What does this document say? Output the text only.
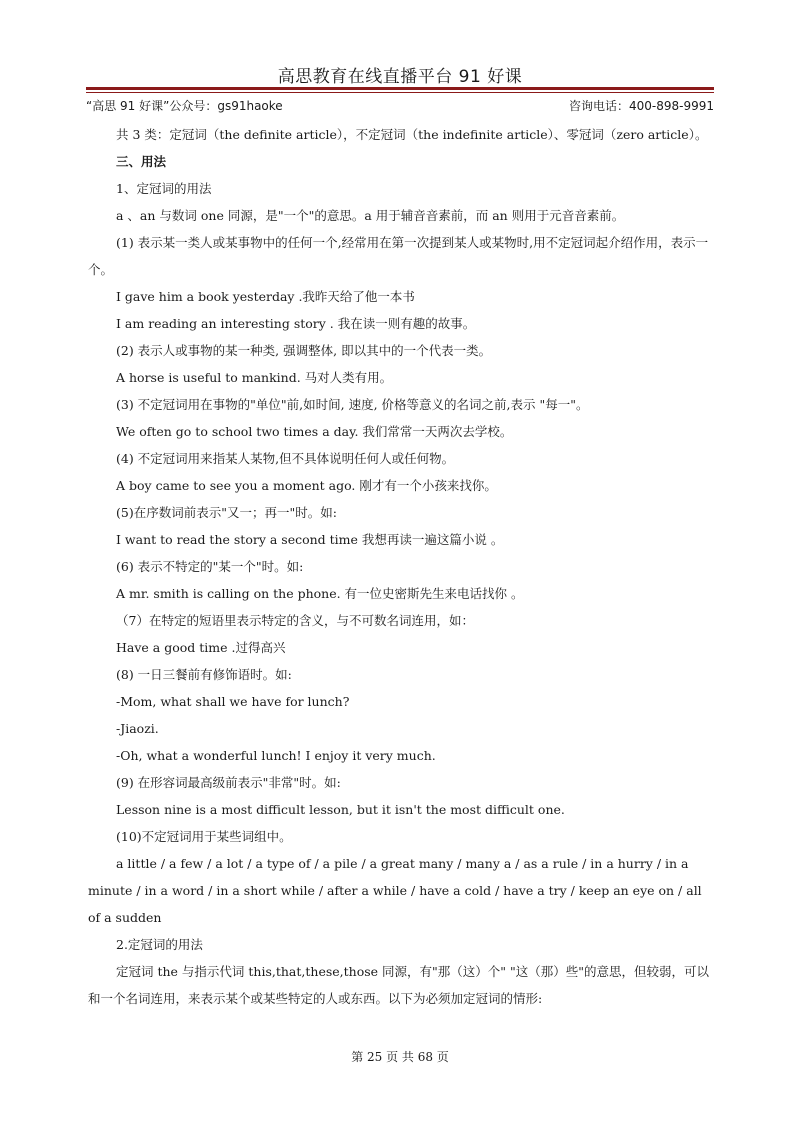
高思教育在线直播平台 91 好课
“高思 91 好课”公众号：gs91haoke	咨询电话：400-898-9991

共 3 类：定冠词（the definite article），不定冠词（the indefinite article）、零冠词（zero article）。

三、用法

1、定冠词的用法

a 、an 与数词 one 同源，是"一个"的意思。a 用于辅音音素前，而 an 则用于元音音素前。

(1) 表示某一类人或某事物中的任何一个,经常用在第一次提到某人或某物时,用不定冠词起介绍作用，表示一个。

I gave him a book yesterday .我昨天给了他一本书

I am reading an interesting story . 我在读一则有趣的故事。

(2) 表示人或事物的某一种类, 强调整体, 即以其中的一个代表一类。

A horse is useful to mankind. 马对人类有用。

(3) 不定冠词用在事物的"单位"前,如时间, 速度, 价格等意义的名词之前,表示 "每一"。

We often go to school two times a day. 我们常常一天两次去学校。

(4) 不定冠词用来指某人某物,但不具体说明任何人或任何物。

A boy came to see you a moment ago. 刚才有一个小孩来找你。

(5)在序数词前表示"又一；再一"时。如:

I want to read the story a second time 我想再读一遍这篇小说 。

(6) 表示不特定的"某一个"时。如:

A mr. smith is calling on the phone. 有一位史密斯先生来电话找你 。

（7）在特定的短语里表示特定的含义，与不可数名词连用，如：

Have a good time .过得高兴

(8) 一日三餐前有修饰语时。如:

-Mom, what shall we have for lunch?

-Jiaozi.

-Oh, what a wonderful lunch! I enjoy it very much.

(9) 在形容词最高级前表示"非常"时。如:

Lesson nine is a most difficult lesson, but it isn't the most difficult one.

(10)不定冠词用于某些词组中。

a little / a few / a lot / a type of / a pile / a great many / many a / as a rule / in a hurry / in a minute / in a word / in a short while / after a while / have a cold / have a try / keep an eye on / all of a sudden

2.定冠词的用法

定冠词 the 与指示代词 this,that,these,those 同源，有"那（这）个" "这（那）些"的意思，但较弱，可以和一个名词连用，来表示某个或某些特定的人或东西。以下为必须加定冠词的情形:

第 25 页 共 68 页
